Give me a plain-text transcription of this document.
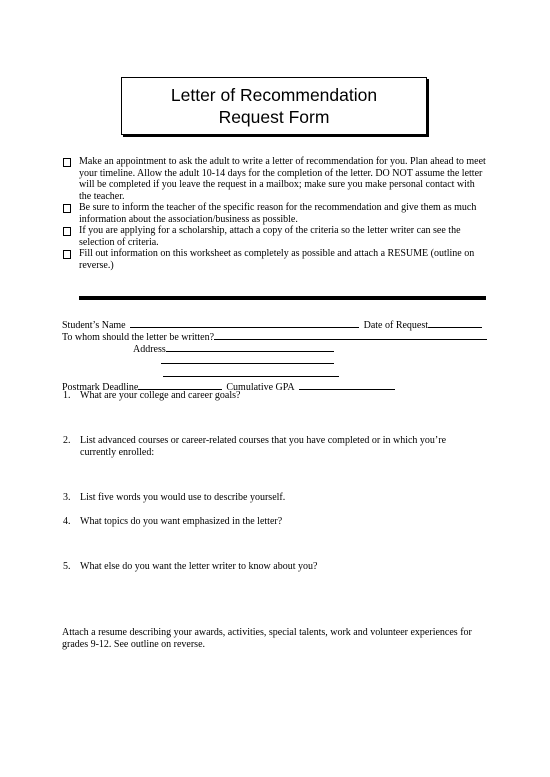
Letter of Recommendation
Request Form
Make an appointment to ask the adult to write a letter of recommendation for you. Plan ahead to meet your timeline. Allow the adult 10-14 days for the completion of the letter. DO NOT assume the letter will be completed if you leave the request in a mailbox; make sure you make personal contact with the teacher.
Be sure to inform the teacher of the specific reason for the recommendation and give them as much information about the association/business as possible.
If you are applying for a scholarship, attach a copy of the criteria so the letter writer can see the selection of criteria.
Fill out information on this worksheet as completely as possible and attach a RESUME (outline on reverse.)
Student’s Name	Date of Request
To whom should the letter be written?
Address
Postmark Deadline	Cumulative GPA
1. What are your college and career goals?
2. List advanced courses or career-related courses that you have completed or in which you’re currently enrolled:
3. List five words you would use to describe yourself.
4. What topics do you want emphasized in the letter?
5. What else do you want the letter writer to know about you?
Attach a resume describing your awards, activities, special talents, work and volunteer experiences for grades 9-12. See outline on reverse.
